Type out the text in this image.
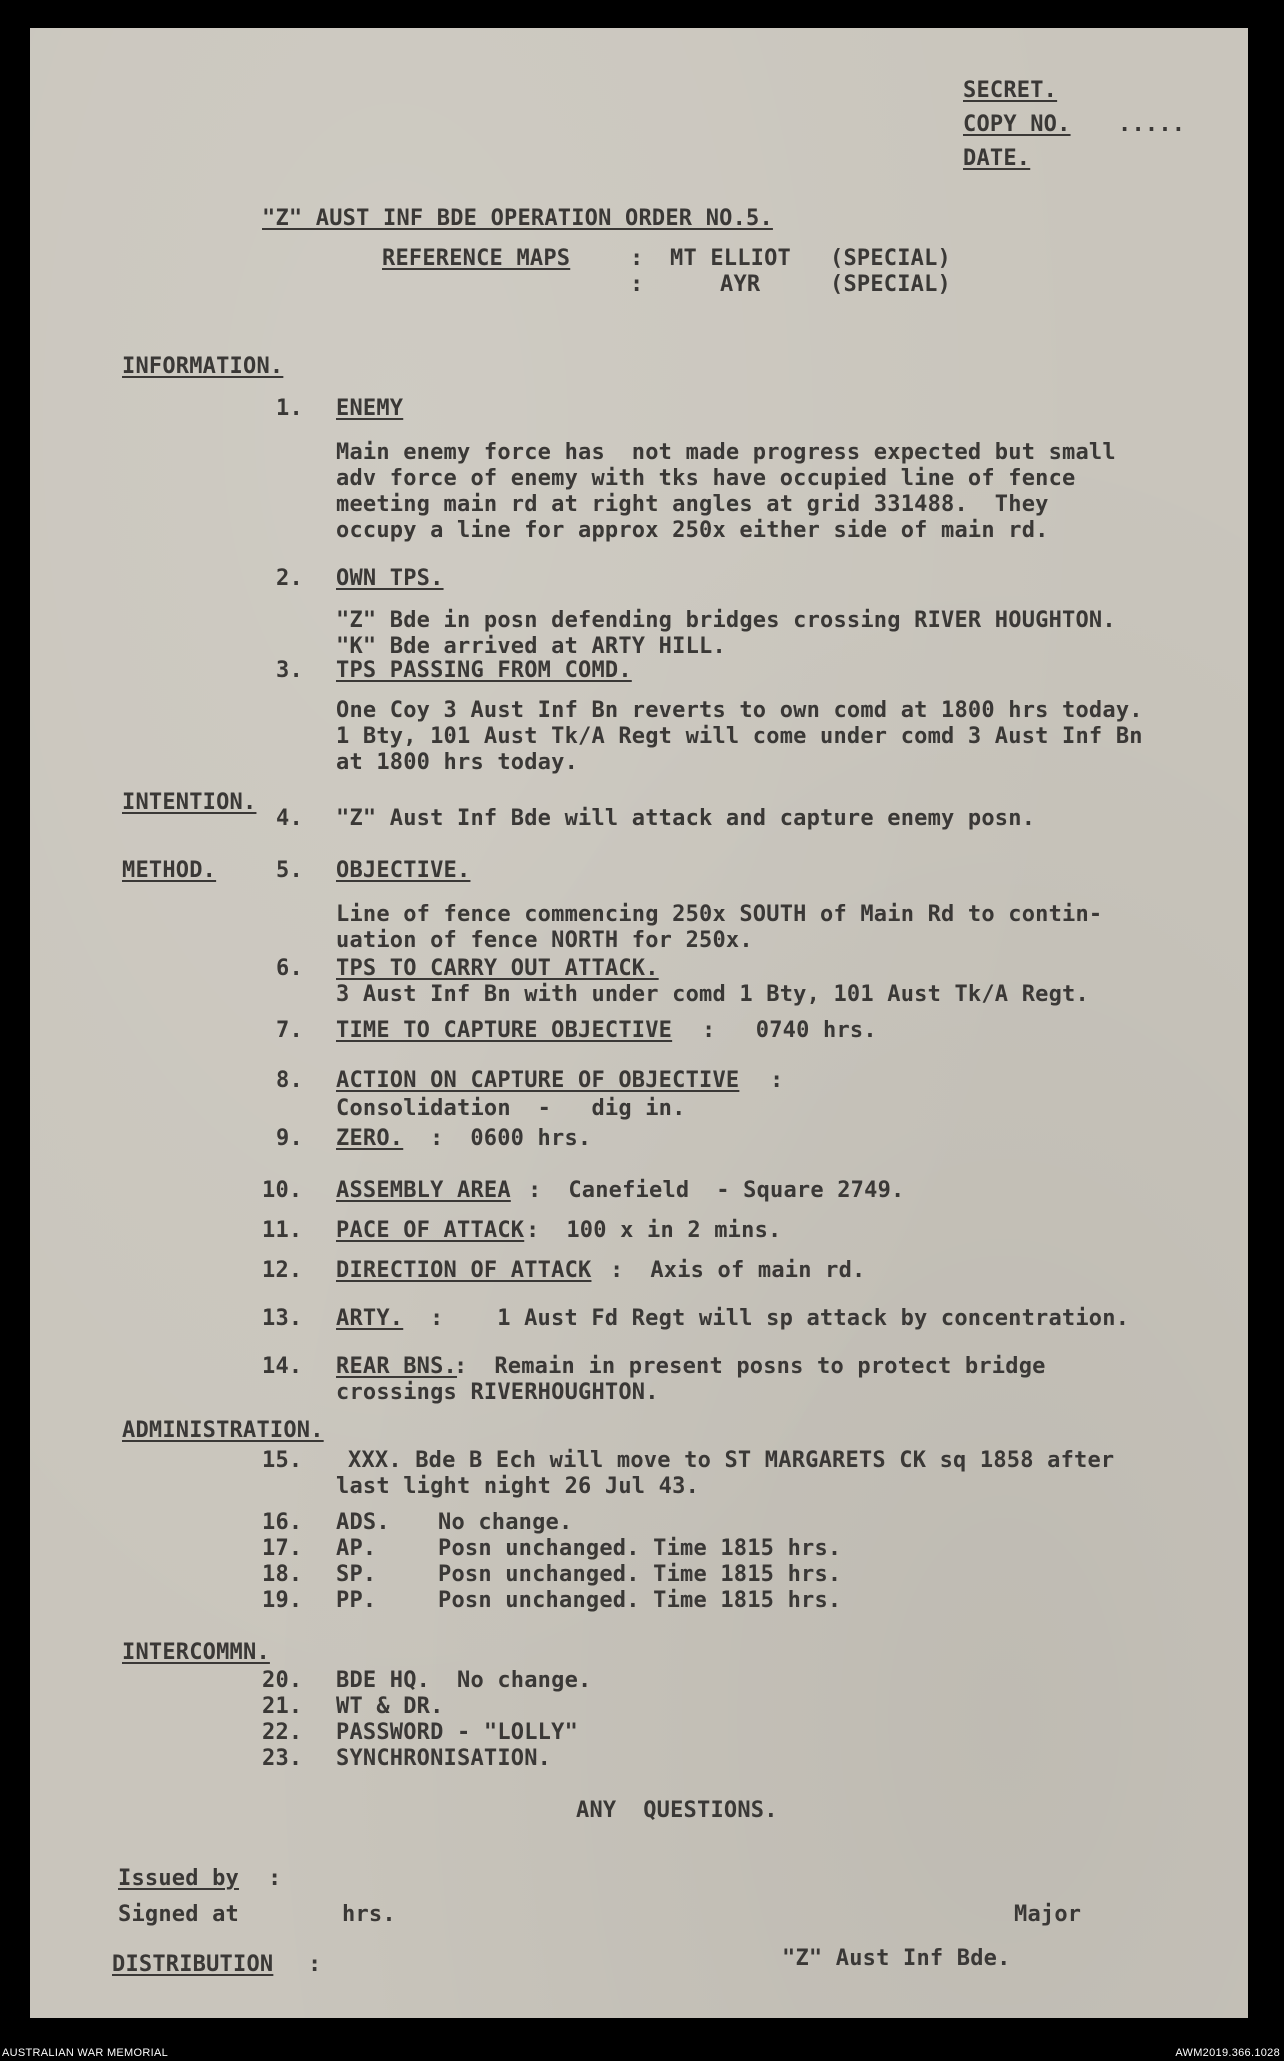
SECRET.
COPY NO. .....
DATE.
"Z" AUST INF BDE OPERATION ORDER NO.5.
REFERENCE MAPS	: MT ELLIOT (SPECIAL)
:	AYR	(SPECIAL)
INFORMATION.
1. ENEMY
Main enemy force has  not made progress expected but small
adv force of enemy with tks have occupied line of fence
meeting main rd at right angles at grid 331488.  They
occupy a line for approx 250x either side of main rd.
2. OWN TPS.
"Z" Bde in posn defending bridges crossing RIVER HOUGHTON.
"K" Bde arrived at ARTY HILL.
3. TPS PASSING FROM COMD.
One Coy 3 Aust Inf Bn reverts to own comd at 1800 hrs today.
1 Bty, 101 Aust Tk/A Regt will come under comd 3 Aust Inf Bn
at 1800 hrs today.
INTENTION.
4. "Z" Aust Inf Bde will attack and capture enemy posn.
METHOD.	5. OBJECTIVE.
Line of fence commencing 250x SOUTH of Main Rd to contin-
uation of fence NORTH for 250x.
6. TPS TO CARRY OUT ATTACK.
3 Aust Inf Bn with under comd 1 Bty, 101 Aust Tk/A Regt.
7. TIME TO CAPTURE OBJECTIVE :   0740 hrs.
8. ACTION ON CAPTURE OF OBJECTIVE :
Consolidation  -   dig in.
9. ZERO. :  0600 hrs.
10. ASSEMBLY AREA :  Canefield  - Square 2749.
11. PACE OF ATTACK :  100 x in 2 mins.
12. DIRECTION OF ATTACK :  Axis of main rd.
13. ARTY. :    1 Aust Fd Regt will sp attack by concentration.
14. REAR BNS.
:  Remain in present posns to protect bridge
crossings RIVERHOUGHTON.
ADMINISTRATION.
15. XXX. Bde B Ech will move to ST MARGARETS CK sq 1858 after
last light night 26 Jul 43.
16. ADS. No change.
17. AP.	Posn unchanged. Time 1815 hrs.
18. SP.	Posn unchanged. Time 1815 hrs.
19. PP.	Posn unchanged. Time 1815 hrs.
INTERCOMMN.
20. BDE HQ.  No change.
21. WT & DR.
22. PASSWORD - "LOLLY"
23. SYNCHRONISATION.
ANY  QUESTIONS.
Issued by :
Signed at	hrs.	Major
DISTRIBUTION :	"Z" Aust Inf Bde.
AUSTRALIAN WAR MEMORIAL	AWM2019.366.1028
